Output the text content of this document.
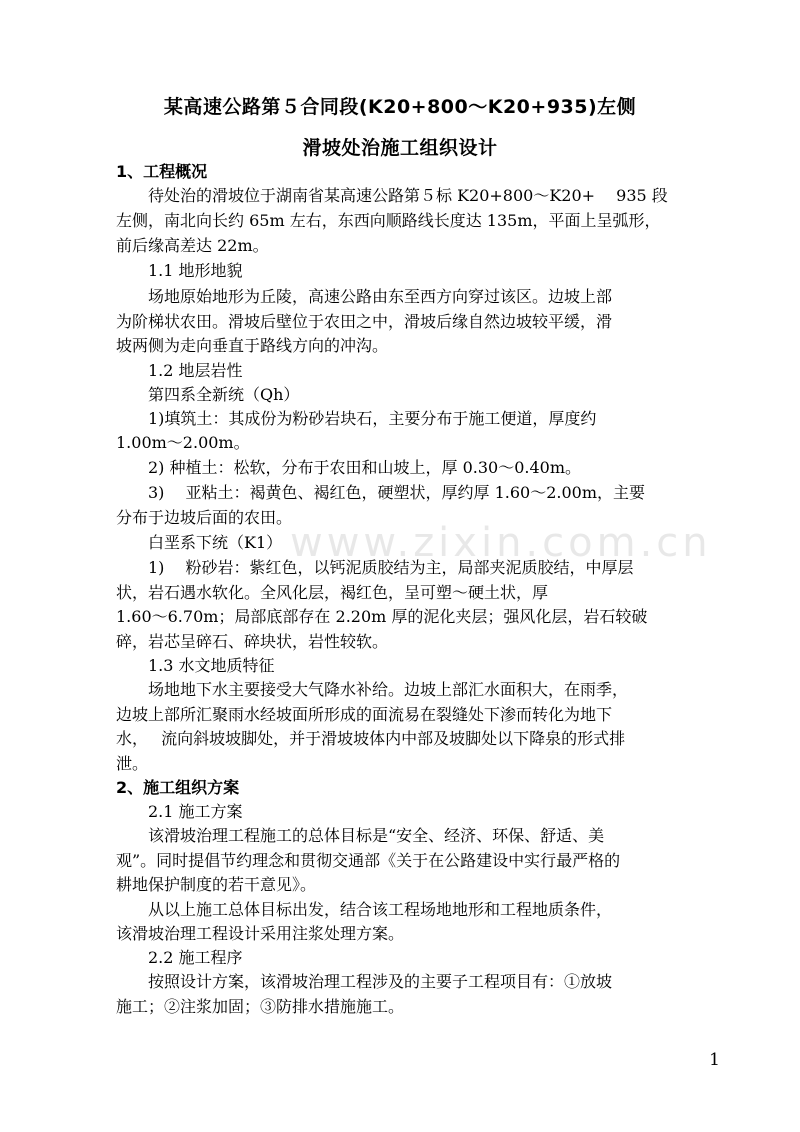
www.zixin.com.cn
某高速公路第５合同段(K20+800～K20+935)左侧
滑坡处治施工组织设计
1、工程概况
待处治的滑坡位于湖南省某高速公路第５标 K20+800～K20+　 935 段
左侧，南北向长约 65m 左右，东西向顺路线长度达 135m，平面上呈弧形，
前后缘高差达 22m。
1.1 地形地貌
场地原始地形为丘陵，高速公路由东至西方向穿过该区。边坡上部
为阶梯状农田。滑坡后壁位于农田之中，滑坡后缘自然边坡较平缓，滑
坡两侧为走向垂直于路线方向的冲沟。
1.2 地层岩性
第四系全新统（Qh）
1)填筑土：其成份为粉砂岩块石，主要分布于施工便道，厚度约
1.00m～2.00m。
2) 种植土：松软，分布于农田和山坡上，厚 0.30～0.40m。
3)　 亚粘土：褐黄色、褐红色，硬塑状，厚约厚 1.60～2.00m，主要
分布于边坡后面的农田。
白垩系下统（K1）
1)　 粉砂岩：紫红色，以钙泥质胶结为主，局部夹泥质胶结，中厚层
状，岩石遇水软化。全风化层，褐红色，呈可塑～硬土状，厚
1.60～6.70m；局部底部存在 2.20m 厚的泥化夹层；强风化层，岩石较破
碎，岩芯呈碎石、碎块状，岩性较软。
1.3 水文地质特征
场地地下水主要接受大气降水补给。边坡上部汇水面积大，在雨季，
边坡上部所汇聚雨水经坡面所形成的面流易在裂缝处下渗而转化为地下
水，　 流向斜坡坡脚处，并于滑坡坡体内中部及坡脚处以下降泉的形式排
泄。
2、施工组织方案
2.1 施工方案
该滑坡治理工程施工的总体目标是“安全、经济、环保、舒适、美
观”。同时提倡节约理念和贯彻交通部《关于在公路建设中实行最严格的
耕地保护制度的若干意见》。
从以上施工总体目标出发，结合该工程场地地形和工程地质条件，
该滑坡治理工程设计采用注浆处理方案。
2.2 施工程序
按照设计方案，该滑坡治理工程涉及的主要子工程项目有：①放坡
施工；②注浆加固；③防排水措施施工。
1
